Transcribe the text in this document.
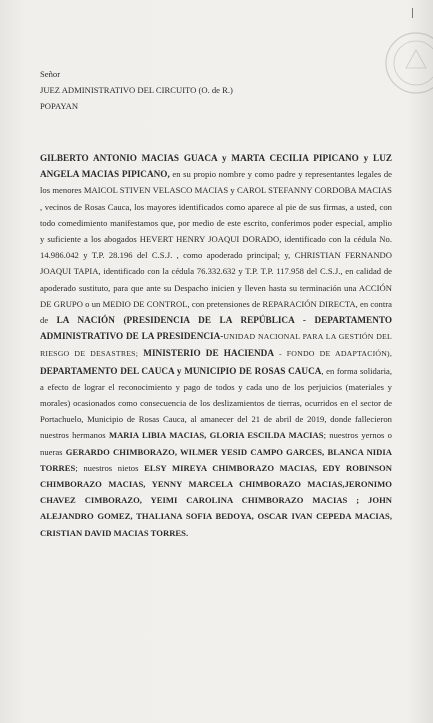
Señor
JUEZ ADMINISTRATIVO DEL CIRCUITO (O. de R.)
POPAYAN
GILBERTO ANTONIO MACIAS GUACA y MARTA CECILIA PIPICANO y LUZ ANGELA MACIAS PIPICANO, en su propio nombre y como padre y representantes legales de los menores MAICOL STIVEN VELASCO MACIAS y CAROL STEFANNY CORDOBA MACIAS , vecinos de Rosas Cauca, los mayores identificados como aparece al pie de sus firmas, a usted, con todo comedimiento manifestamos que, por medio de este escrito, conferimos poder especial, amplio y suficiente a los abogados HEVERT HENRY JOAQUI DORADO, identificado con la cédula No. 14.986.042 y T.P. 28.196 del C.S.J. , como apoderado principal; y, CHRISTIAN FERNANDO JOAQUI TAPIA, identificado con la cédula 76.332.632 y T.P. T.P. 117.958 del C.S.J., en calidad de apoderado sustituto, para que ante su Despacho inicien y lleven hasta su terminación una ACCIÓN DE GRUPO o un MEDIO DE CONTROL, con pretensiones de REPARACIÓN DIRECTA, en contra de LA NACIÓN (PRESIDENCIA DE LA REPÚBLICA - DEPARTAMENTO ADMINISTRATIVO DE LA PRESIDENCIA-UNIDAD NACIONAL PARA LA GESTIÓN DEL RIESGO DE DESASTRES; MINISTERIO DE HACIENDA - FONDO DE ADAPTACIÓN), DEPARTAMENTO DEL CAUCA y MUNICIPIO DE ROSAS CAUCA, en forma solidaria, a efecto de lograr el reconocimiento y pago de todos y cada uno de los perjuicios (materiales y morales) ocasionados como consecuencia de los deslizamientos de tierras, ocurridos en el sector de Portachuelo, Municipio de Rosas Cauca, al amanecer del 21 de abril de 2019, donde fallecieron nuestros hermanos MARIA LIBIA MACIAS, GLORIA ESCILDA MACIAS; nuestros yernos o nueras GERARDO CHIMBORAZO, WILMER YESID CAMPO GARCES, BLANCA NIDIA TORRES; nuestros nietos ELSY MIREYA CHIMBORAZO MACIAS, EDY ROBINSON CHIMBORAZO MACIAS, YENNY MARCELA CHIMBORAZO MACIAS,JERONIMO CHAVEZ CIMBORAZO, YEIMI CAROLINA CHIMBORAZO MACIAS ; JOHN ALEJANDRO GOMEZ, THALIANA SOFIA BEDOYA, OSCAR IVAN CEPEDA MACIAS, CRISTIAN DAVID MACIAS TORRES.
